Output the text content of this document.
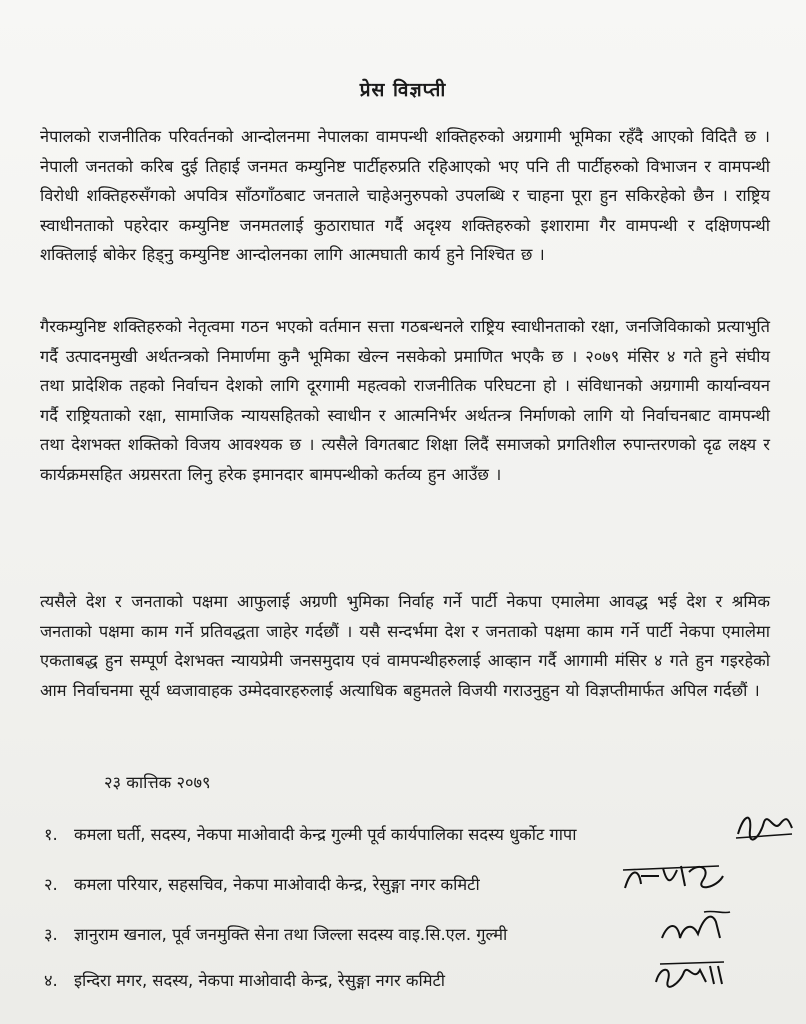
प्रेस विज्ञप्ती
नेपालको राजनीतिक परिवर्तनको आन्दोलनमा नेपालका वामपन्थी शक्तिहरुको अग्रगामी भूमिका रहँदै आएको विदितै छ । नेपाली जनतको करिब दुई तिहाई जनमत कम्युनिष्ट पार्टीहरुप्रति रहिआएको भए पनि ती पार्टीहरुको विभाजन र वामपन्थी विरोधी शक्तिहरुसँगको अपवित्र साँठगाँठबाट जनताले चाहेअनुरुपको उपलब्धि र चाहना पूरा हुन सकिरहेको छैन । राष्ट्रिय स्वाधीनताको पहरेदार कम्युनिष्ट जनमतलाई कुठाराघात गर्दै अदृश्य शक्तिहरुको इशारामा गैर वामपन्थी र दक्षिणपन्थी शक्तिलाई बोकेर हिड्नु कम्युनिष्ट आन्दोलनका लागि आत्मघाती कार्य हुने निश्चित छ ।
गैरकम्युनिष्ट शक्तिहरुको नेतृत्वमा गठन भएको वर्तमान सत्ता गठबन्धनले राष्ट्रिय स्वाधीनताको रक्षा, जनजिविकाको प्रत्याभुति गर्दै उत्पादनमुखी अर्थतन्त्रको निमार्णमा कुनै भूमिका खेल्न नसकेको प्रमाणित भएकै छ । २०७९ मंसिर ४ गते हुने संघीय तथा प्रादेशिक तहको निर्वाचन देशको लागि दूरगामी महत्वको राजनीतिक परिघटना हो । संविधानको अग्रगामी कार्यान्वयन गर्दै राष्ट्रियताको रक्षा, सामाजिक न्यायसहितको स्वाधीन र आत्मनिर्भर अर्थतन्त्र निर्माणको लागि यो निर्वाचनबाट वामपन्थी तथा देशभक्त शक्तिको विजय आवश्यक छ । त्यसैले विगतबाट शिक्षा लिदैं समाजको प्रगतिशील रुपान्तरणको दृढ लक्ष्य र कार्यक्रमसहित अग्रसरता लिनु हरेक इमानदार बामपन्थीको कर्तव्य हुन आउँछ ।
त्यसैले देश र जनताको पक्षमा आफुलाई अग्रणी भुमिका निर्वाह गर्ने पार्टी नेकपा एमालेमा आवद्ध भई देश र श्रमिक जनताको पक्षमा काम गर्ने प्रतिवद्धता जाहेर गर्दछौं । यसै सन्दर्भमा देश र जनताको पक्षमा काम गर्ने पार्टी नेकपा एमालेमा एकताबद्ध हुन सम्पूर्ण देशभक्त न्यायप्रेमी जनसमुदाय एवं वामपन्थीहरुलाई आव्हान गर्दै आगामी मंसिर ४ गते हुन गइरहेको आम निर्वाचनमा सूर्य ध्वजावाहक उम्मेदवारहरुलाई अत्याधिक बहुमतले विजयी गराउनुहुन यो विज्ञप्तीमार्फत अपिल गर्दछौं ।
२३ कात्तिक २०७९
१. कमला घर्ती, सदस्य, नेकपा माओवादी केन्द्र गुल्मी पूर्व कार्यपालिका सदस्य धुर्कोट गापा
२. कमला परियार, सहसचिव, नेकपा माओवादी केन्द्र, रेसुङ्गा नगर कमिटी
३. ज्ञानुराम खनाल, पूर्व जनमुक्ति सेना तथा जिल्ला सदस्य वाइ.सि.एल. गुल्मी
४. इन्दिरा मगर, सदस्य, नेकपा माओवादी केन्द्र, रेसुङ्गा नगर कमिटी
